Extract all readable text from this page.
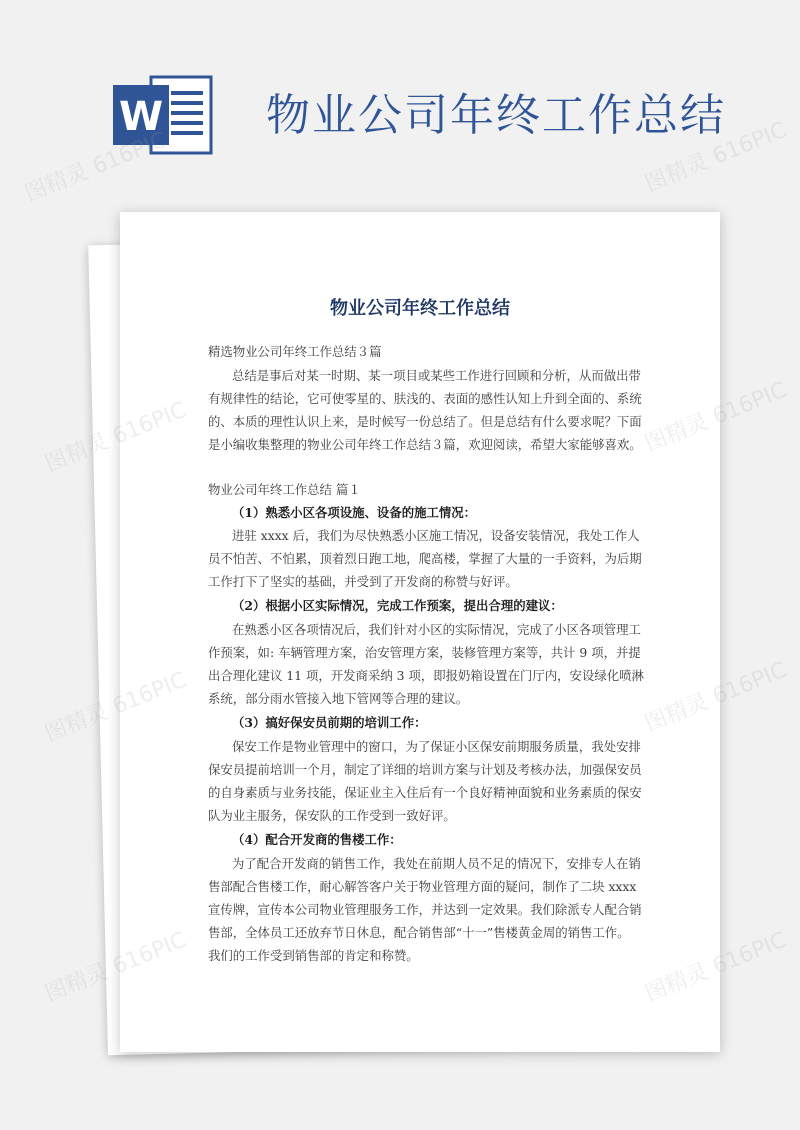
W 物业公司年终工作总结
物业公司年终工作总结
精选物业公司年终工作总结３篇
总结是事后对某一时期、某一项目或某些工作进行回顾和分析，从而做出带
有规律性的结论，它可使零星的、肤浅的、表面的感性认知上升到全面的、系统
的、本质的理性认识上来，是时候写一份总结了。但是总结有什么要求呢？下面
是小编收集整理的物业公司年终工作总结３篇，欢迎阅读，希望大家能够喜欢。
物业公司年终工作总结 篇１
（1）熟悉小区各项设施、设备的施工情况：
进驻 xxxx 后，我们为尽快熟悉小区施工情况，设备安装情况，我处工作人
员不怕苦、不怕累，顶着烈日跑工地，爬高楼，掌握了大量的一手资料，为后期
工作打下了坚实的基础，并受到了开发商的称赞与好评。
（2）根据小区实际情况，完成工作预案，提出合理的建议：
在熟悉小区各项情况后，我们针对小区的实际情况，完成了小区各项管理工
作预案，如: 车辆管理方案，治安管理方案，装修管理方案等，共计 9 项，并提
出合理化建议 11 项，开发商采纳 3 项，即报奶箱设置在门厅内，安设绿化喷淋
系统，部分雨水管接入地下管网等合理的建议。
（3）搞好保安员前期的培训工作：
保安工作是物业管理中的窗口，为了保证小区保安前期服务质量，我处安排
保安员提前培训一个月，制定了详细的培训方案与计划及考核办法，加强保安员
的自身素质与业务技能，保证业主入住后有一个良好精神面貌和业务素质的保安
队为业主服务，保安队的工作受到一致好评。
（4）配合开发商的售楼工作：
为了配合开发商的销售工作，我处在前期人员不足的情况下，安排专人在销
售部配合售楼工作，耐心解答客户关于物业管理方面的疑问，制作了二块 xxxx
宣传牌，宣传本公司物业管理服务工作，并达到一定效果。我们除派专人配合销
售部，全体员工还放弃节日休息，配合销售部“十一”售楼黄金周的销售工作。
我们的工作受到销售部的肯定和称赞。
图精灵 616PIC	图精灵 616PIC
图精灵
616PIC
图精灵
616PIC
图精灵
616PIC
